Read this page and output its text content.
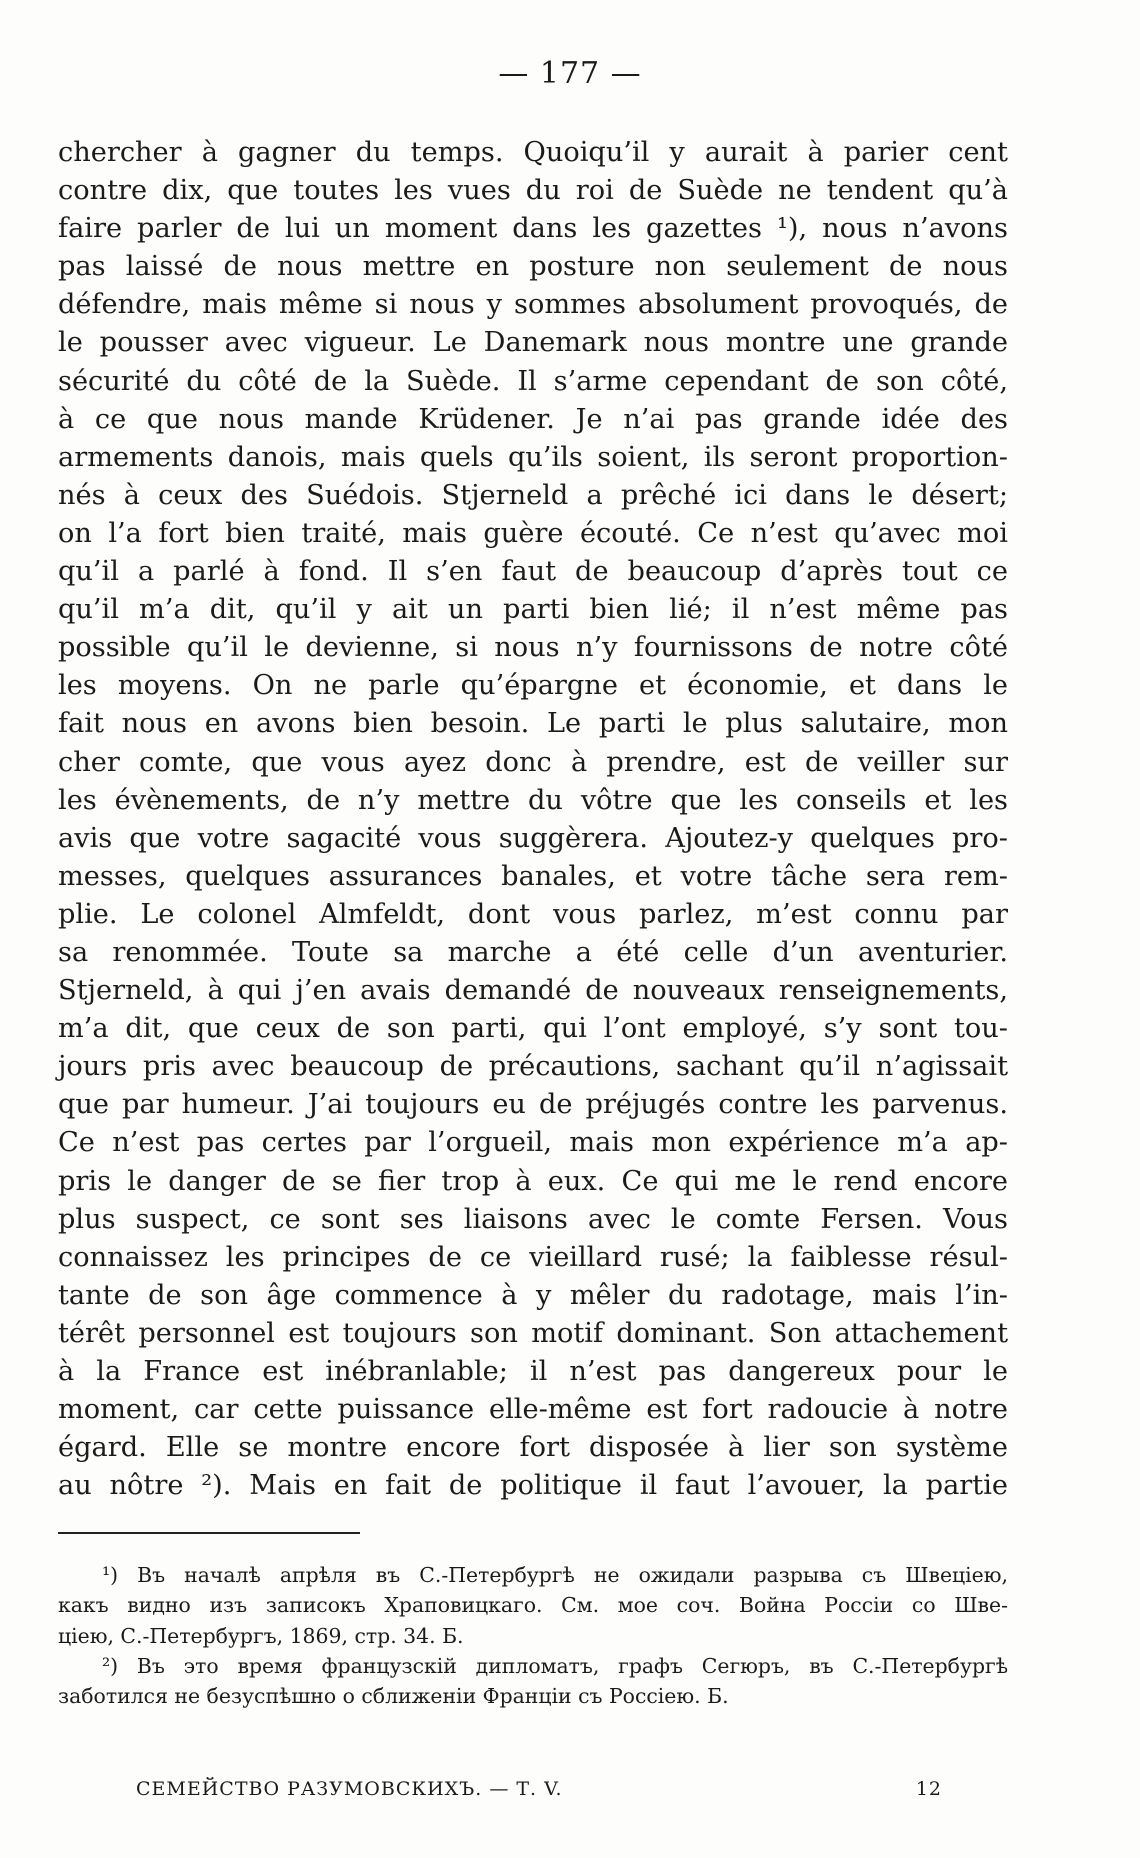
— 177 —
chercher à gagner du temps. Quoiqu’il y aurait à parier cent
contre dix, que toutes les vues du roi de Suède ne tendent qu’à
faire parler de lui un moment dans les gazettes ¹), nous n’avons
pas laissé de nous mettre en posture non seulement de nous
défendre, mais même si nous y sommes absolument provoqués, de
le pousser avec vigueur. Le Danemark nous montre une grande
sécurité du côté de la Suède. Il s’arme cependant de son côté,
à ce que nous mande Krüdener. Je n’ai pas grande idée des
armements danois, mais quels qu’ils soient, ils seront proportion-
nés à ceux des Suédois. Stjerneld a prêché ici dans le désert;
on l’a fort bien traité, mais guère écouté. Ce n’est qu’avec moi
qu’il a parlé à fond. Il s’en faut de beaucoup d’après tout ce
qu’il m’a dit, qu’il y ait un parti bien lié; il n’est même pas
possible qu’il le devienne, si nous n’y fournissons de notre côté
les moyens. On ne parle qu’épargne et économie, et dans le
fait nous en avons bien besoin. Le parti le plus salutaire, mon
cher comte, que vous ayez donc à prendre, est de veiller sur
les évènements, de n’y mettre du vôtre que les conseils et les
avis que votre sagacité vous suggèrera. Ajoutez-y quelques pro-
messes, quelques assurances banales, et votre tâche sera rem-
plie. Le colonel Almfeldt, dont vous parlez, m’est connu par
sa renommée. Toute sa marche a été celle d’un aventurier.
Stjerneld, à qui j’en avais demandé de nouveaux renseignements,
m’a dit, que ceux de son parti, qui l’ont employé, s’y sont tou-
jours pris avec beaucoup de précautions, sachant qu’il n’agissait
que par humeur. J’ai toujours eu de préjugés contre les parvenus.
Ce n’est pas certes par l’orgueil, mais mon expérience m’a ap-
pris le danger de se fier trop à eux. Ce qui me le rend encore
plus suspect, ce sont ses liaisons avec le comte Fersen. Vous
connaissez les principes de ce vieillard rusé; la faiblesse résul-
tante de son âge commence à y mêler du radotage, mais l’in-
térêt personnel est toujours son motif dominant. Son attachement
à la France est inébranlable; il n’est pas dangereux pour le
moment, car cette puissance elle-même est fort radoucie à notre
égard. Elle se montre encore fort disposée à lier son système
au nôtre ²). Mais en fait de politique il faut l’avouer, la partie
¹) Въ началѣ апрѣля въ С.-Петербургѣ не ожидали разрыва съ Швецiею,
какъ видно изъ записокъ Храповицкаго. См. мое соч. Война Россiи со Шве-
цiею, С.-Петербургъ, 1869, стр. 34. Б.
²) Въ это время французскiй дипломатъ, графъ Сегюръ, въ С.-Петербургѣ
заботился не безуспѣшно о сближенiи Францiи съ Россiею. Б.
СЕМЕЙСТВО РАЗУМОВСКИХЪ. — Т. V.	12
